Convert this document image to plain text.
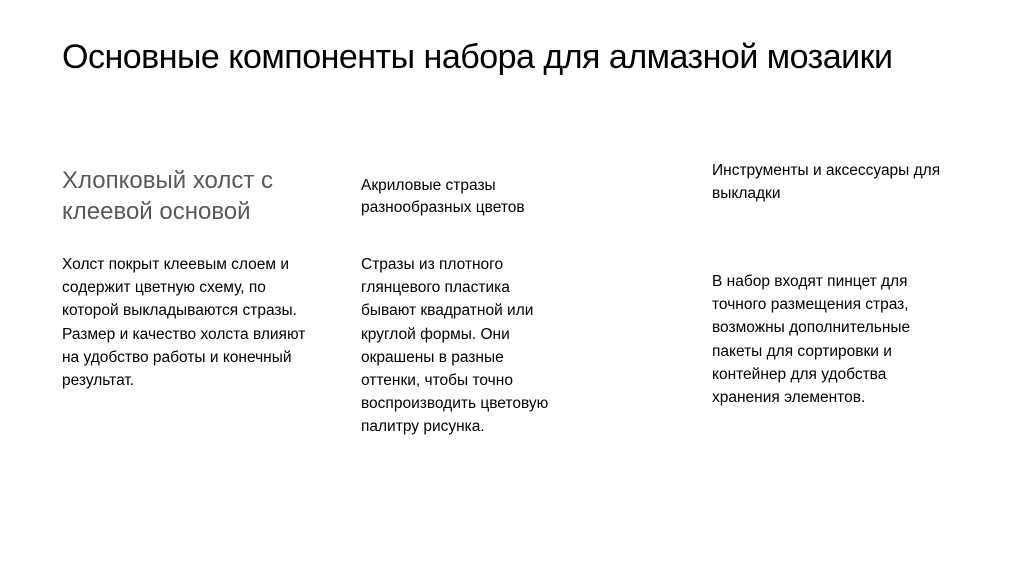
Основные компоненты набора для алмазной мозаики
Хлопковый холст с клеевой основой

Холст покрыт клеевым слоем и содержит цветную схему, по которой выкладываются стразы. Размер и качество холста влияют на удобство работы и конечный результат.

Акриловые стразы разнообразных цветов

Стразы из плотного глянцевого пластика бывают квадратной или круглой формы. Они окрашены в разные оттенки, чтобы точно воспроизводить цветовую палитру рисунка.

Инструменты и аксессуары для выкладки

В набор входят пинцет для точного размещения страз, возможны дополнительные пакеты для сортировки и контейнер для удобства хранения элементов.
